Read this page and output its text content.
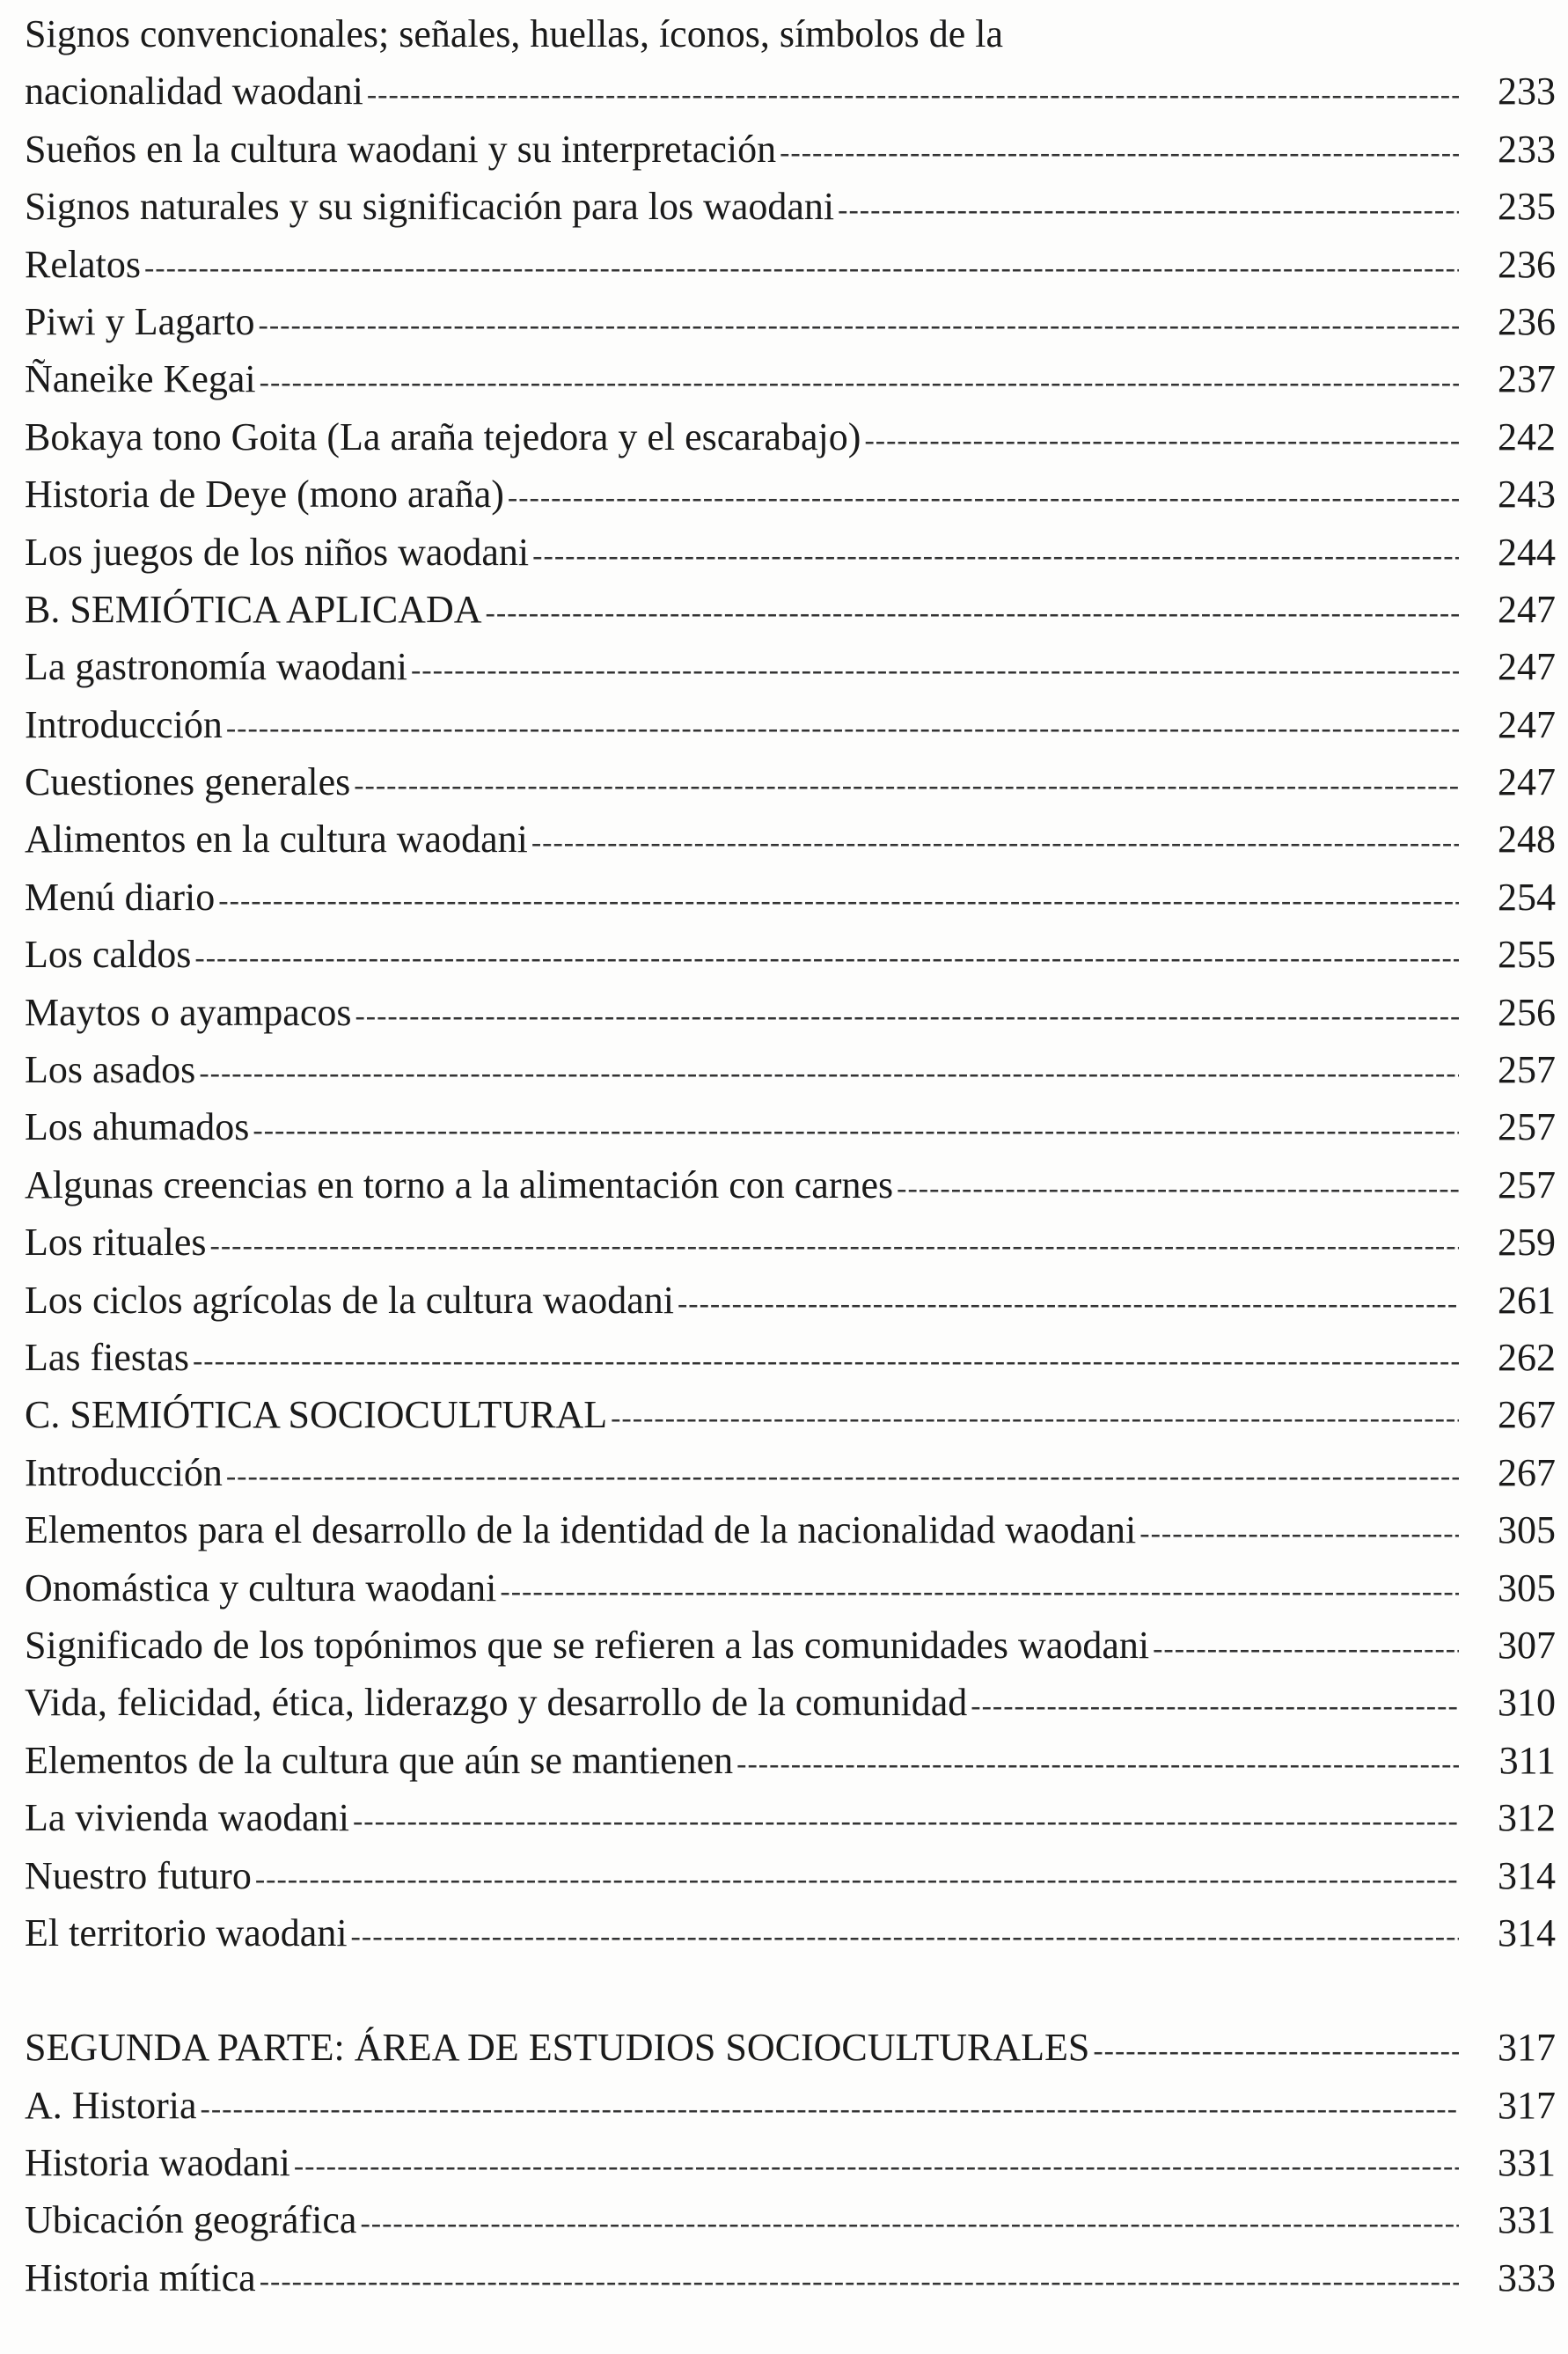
Signos convencionales; señales, huellas, íconos, símbolos de la
nacionalidad waodani -----	233
Sueños en la cultura waodani y su interpretación -----	233
Signos naturales y su significación para los waodani -----	235
Relatos -----	236
Piwi y Lagarto -----	236
Ñaneike Kegai -----	237
Bokaya tono Goita (La araña tejedora y el escarabajo) -----	242
Historia de Deye (mono araña) -----	243
Los juegos de los niños waodani -----	244
B. SEMIÓTICA APLICADA -----	247
La gastronomía waodani -----	247
Introducción -----	247
Cuestiones generales -----	247
Alimentos en la cultura waodani -----	248
Menú diario -----	254
Los caldos -----	255
Maytos o ayampacos -----	256
Los asados -----	257
Los ahumados -----	257
Algunas creencias en torno a la alimentación con carnes -----	257
Los rituales -----	259
Los ciclos agrícolas de la cultura waodani -----	261
Las fiestas -----	262
C. SEMIÓTICA SOCIOCULTURAL -----	267
Introducción -----	267
Elementos para el desarrollo de la identidad de la nacionalidad waodani -----	305
Onomástica y cultura waodani -----	305
Significado de los topónimos que se refieren a las comunidades waodani -----	307
Vida, felicidad, ética, liderazgo y desarrollo de la comunidad -----	310
Elementos de la cultura que aún se mantienen -----	311
La vivienda waodani -----	312
Nuestro futuro -----	314
El territorio waodani -----	314
SEGUNDA PARTE: ÁREA DE ESTUDIOS SOCIOCULTURALES -----	317
A. Historia -----	317
Historia waodani -----	331
Ubicación geográfica -----	331
Historia mítica -----	333
